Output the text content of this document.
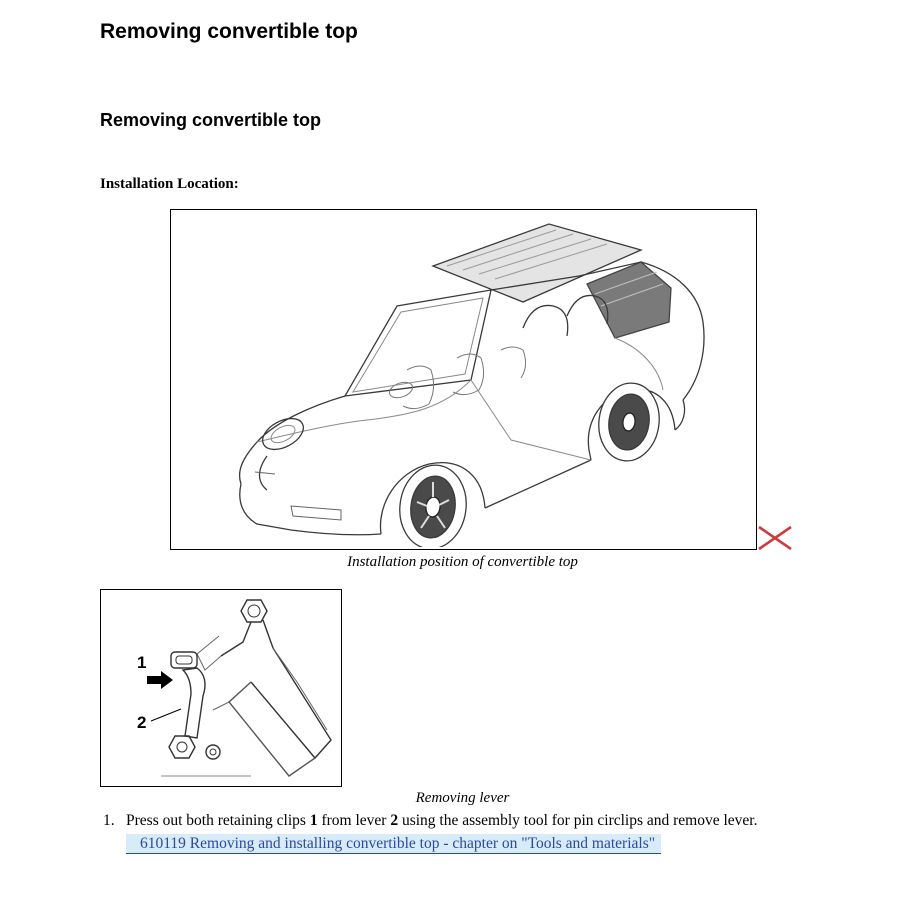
Removing convertible top
Removing convertible top
Installation Location:
Installation position of convertible top
1
2
Removing lever
1. Press out both retaining clips 1 from lever 2 using the assembly tool for pin circlips and remove lever. 610119 Removing and installing convertible top - chapter on "Tools and materials"
